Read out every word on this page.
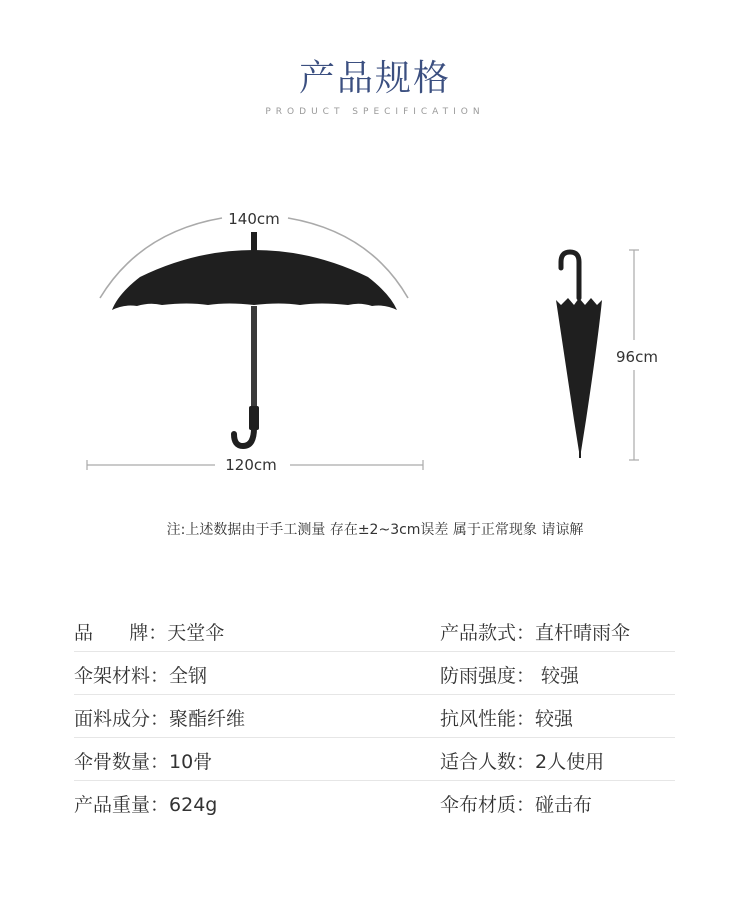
产品规格
PRODUCT SPECIFICATION
140cm
120cm
96cm
注:上述数据由于手工测量 存在±2~3cm误差 属于正常现象 请谅解
品      牌：天堂伞	产品款式：直杆晴雨伞
伞架材料：全钢	防雨强度： 较强
面料成分：聚酯纤维	抗风性能：较强
伞骨数量：10骨	适合人数：2人使用
产品重量：624g	伞布材质：碰击布
